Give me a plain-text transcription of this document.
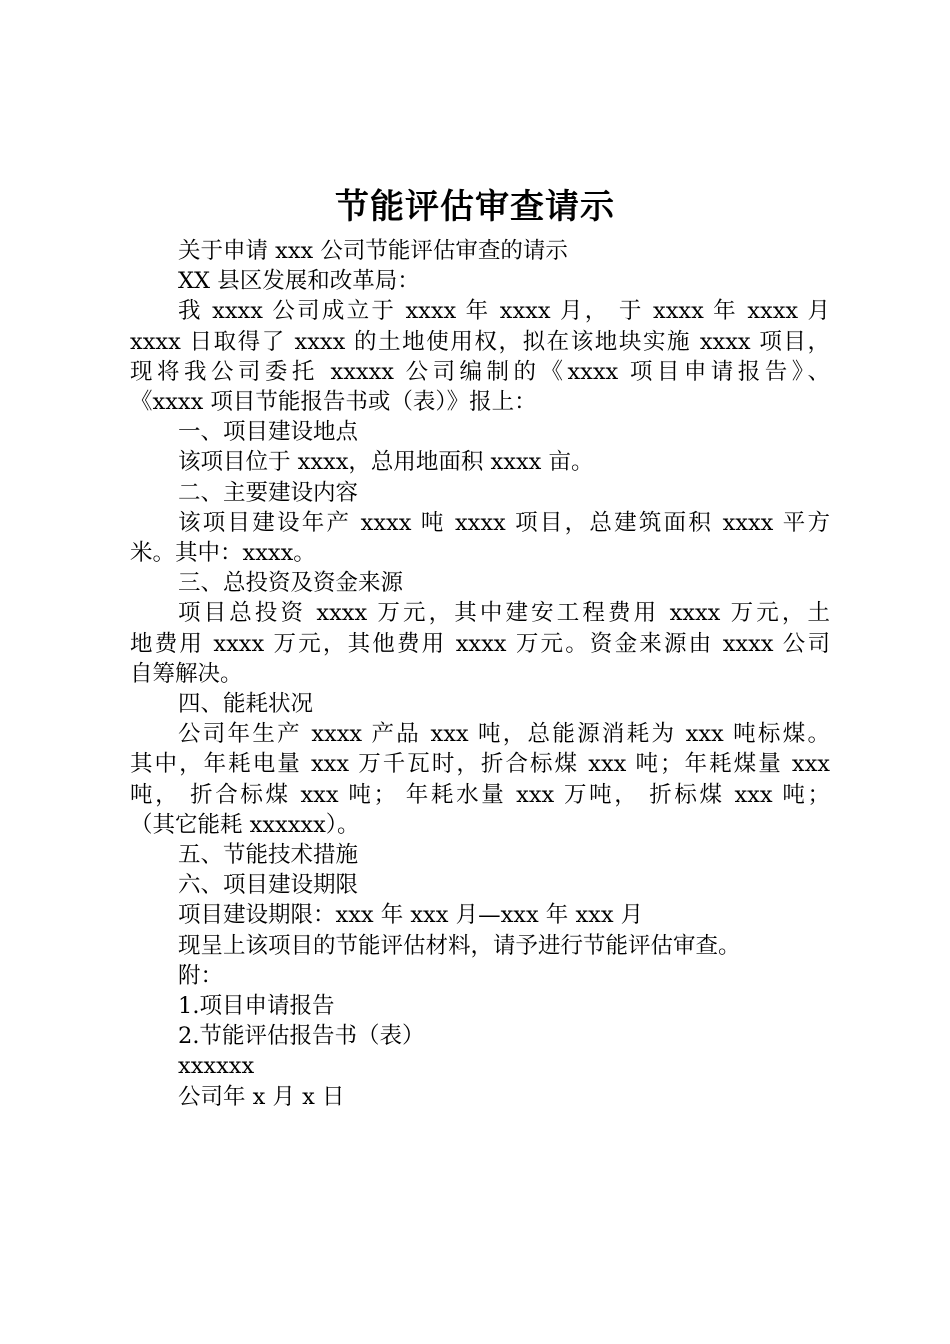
节能评估审查请示

关于申请 xxx 公司节能评估审查的请示

XX 县区发展和改革局：

我 xxxx 公司成立于 xxxx 年 xxxx 月， 于 xxxx 年 xxxx 月

xxxx 日取得了 xxxx 的土地使用权，拟在该地块实施 xxxx 项目，

现将我公司委托 xxxxx 公司编制的《xxxx 项目申请报告》、

《xxxx 项目节能报告书或（表）》报上：

一、项目建设地点

该项目位于 xxxx，总用地面积 xxxx 亩。

二、主要建设内容

该项目建设年产 xxxx 吨 xxxx 项目，总建筑面积 xxxx 平方

米。其中：xxxx。

三、总投资及资金来源

项目总投资 xxxx 万元，其中建安工程费用 xxxx 万元，土

地费用 xxxx 万元，其他费用 xxxx 万元。资金来源由 xxxx 公司

自筹解决。

四、能耗状况

公司年生产 xxxx 产品 xxx 吨，总能源消耗为 xxx 吨标煤。

其中，年耗电量 xxx 万千瓦时，折合标煤 xxx 吨；年耗煤量 xxx

吨， 折合标煤 xxx 吨； 年耗水量 xxx 万吨， 折标煤 xxx 吨；

（其它能耗 xxxxxx）。

五、节能技术措施

六、项目建设期限

项目建设期限：xxx 年 xxx 月—xxx 年 xxx 月

现呈上该项目的节能评估材料，请予进行节能评估审查。

附：

1.项目申请报告

2.节能评估报告书（表）

xxxxxx

公司年 x 月 x 日
